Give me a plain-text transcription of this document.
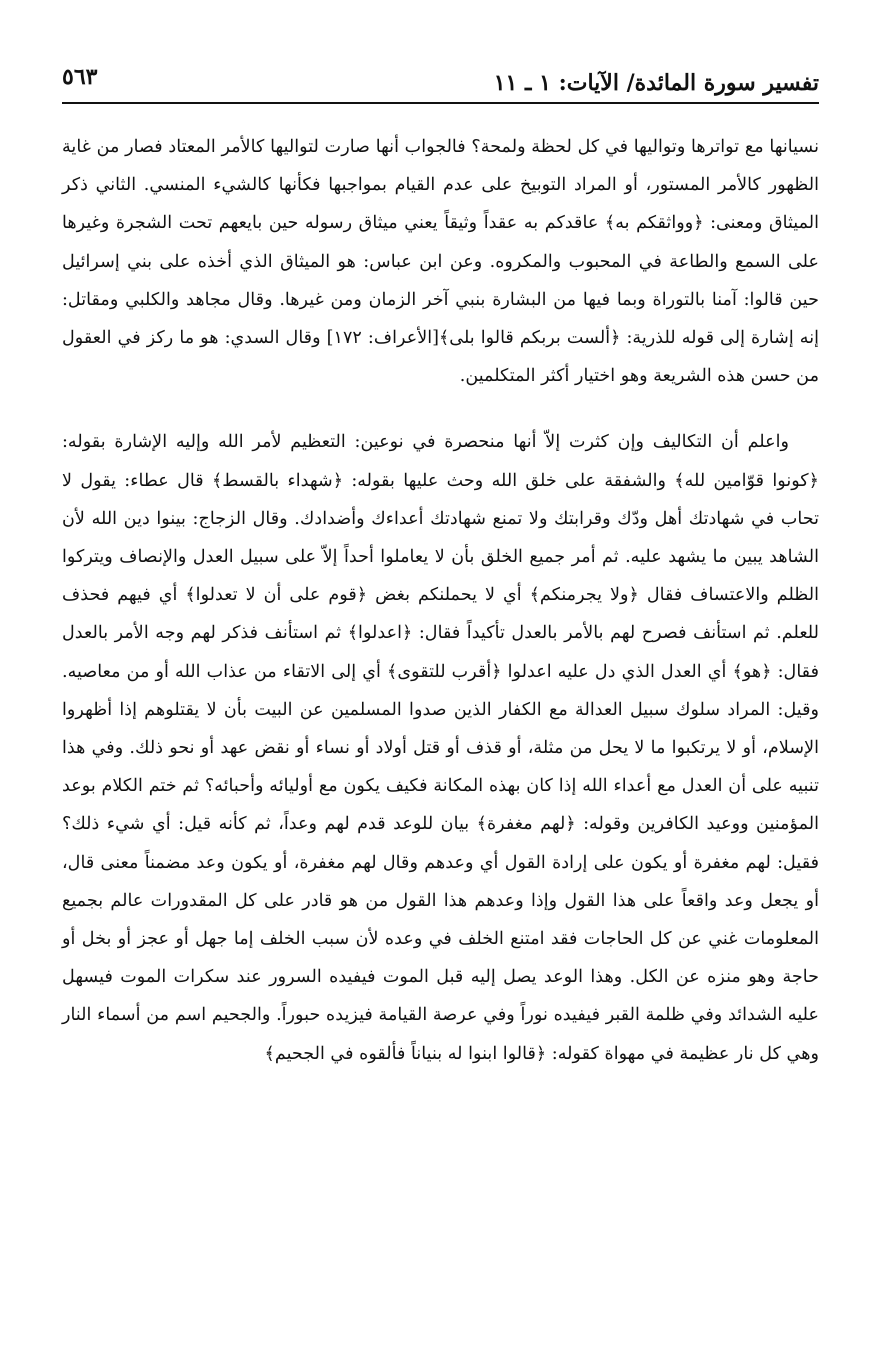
تفسير سورة المائدة/ الآيات: ١ ـ ١١
٥٦٣

نسيانها مع تواترها وتواليها في كل لحظة ولمحة؟ فالجواب أنها صارت لتواليها كالأمر المعتاد فصار من غاية الظهور كالأمر المستور، أو المراد التوبيخ على عدم القيام بمواجبها فكأنها كالشيء المنسي. الثاني ذكر الميثاق ومعنى: ﴿وواثقكم به﴾ عاقدكم به عقداً وثيقاً يعني ميثاق رسوله حين بايعهم تحت الشجرة وغيرها على السمع والطاعة في المحبوب والمكروه. وعن ابن عباس: هو الميثاق الذي أخذه على بني إسرائيل حين قالوا: آمنا بالتوراة وبما فيها من البشارة بنبي آخر الزمان ومن غيرها. وقال مجاهد والكلبي ومقاتل: إنه إشارة إلى قوله للذرية: ﴿ألست بربكم قالوا بلى﴾[الأعراف: ١٧٢] وقال السدي: هو ما ركز في العقول من حسن هذه الشريعة وهو اختيار أكثر المتكلمين.

واعلم أن التكاليف وإن كثرت إلاّ أنها منحصرة في نوعين: التعظيم لأمر الله وإليه الإشارة بقوله: ﴿كونوا قوّامين لله﴾ والشفقة على خلق الله وحث عليها بقوله: ﴿شهداء بالقسط﴾ قال عطاء: يقول لا تحاب في شهادتك أهل ودّك وقرابتك ولا تمنع شهادتك أعداءك وأضدادك. وقال الزجاج: بينوا دين الله لأن الشاهد يبين ما يشهد عليه. ثم أمر جميع الخلق بأن لا يعاملوا أحداً إلاّ على سبيل العدل والإنصاف ويتركوا الظلم والاعتساف فقال ﴿ولا يجرمنكم﴾ أي لا يحملنكم بغض ﴿قوم على أن لا تعدلوا﴾ أي فيهم فحذف للعلم. ثم استأنف فصرح لهم بالأمر بالعدل تأكيداً فقال: ﴿اعدلوا﴾ ثم استأنف فذكر لهم وجه الأمر بالعدل فقال: ﴿هو﴾ أي العدل الذي دل عليه اعدلوا ﴿أقرب للتقوى﴾ أي إلى الاتقاء من عذاب الله أو من معاصيه. وقيل: المراد سلوك سبيل العدالة مع الكفار الذين صدوا المسلمين عن البيت بأن لا يقتلوهم إذا أظهروا الإسلام، أو لا يرتكبوا ما لا يحل من مثلة، أو قذف أو قتل أولاد أو نساء أو نقض عهد أو نحو ذلك. وفي هذا تنبيه على أن العدل مع أعداء الله إذا كان بهذه المكانة فكيف يكون مع أوليائه وأحبائه؟ ثم ختم الكلام بوعد المؤمنين ووعيد الكافرين وقوله: ﴿لهم مغفرة﴾ بيان للوعد قدم لهم وعداً، ثم كأنه قيل: أي شيء ذلك؟ فقيل: لهم مغفرة أو يكون على إرادة القول أي وعدهم وقال لهم مغفرة، أو يكون وعد مضمناً معنى قال، أو يجعل وعد واقعاً على هذا القول وإذا وعدهم هذا القول من هو قادر على كل المقدورات عالم بجميع المعلومات غني عن كل الحاجات فقد امتنع الخلف في وعده لأن سبب الخلف إما جهل أو عجز أو بخل أو حاجة وهو منزه عن الكل. وهذا الوعد يصل إليه قبل الموت فيفيده السرور عند سكرات الموت فيسهل عليه الشدائد وفي ظلمة القبر فيفيده نوراً وفي عرصة القيامة فيزيده حبوراً. والجحيم اسم من أسماء النار وهي كل نار عظيمة في مهواة كقوله: ﴿قالوا ابنوا له بنياناً فألقوه في الجحيم﴾
